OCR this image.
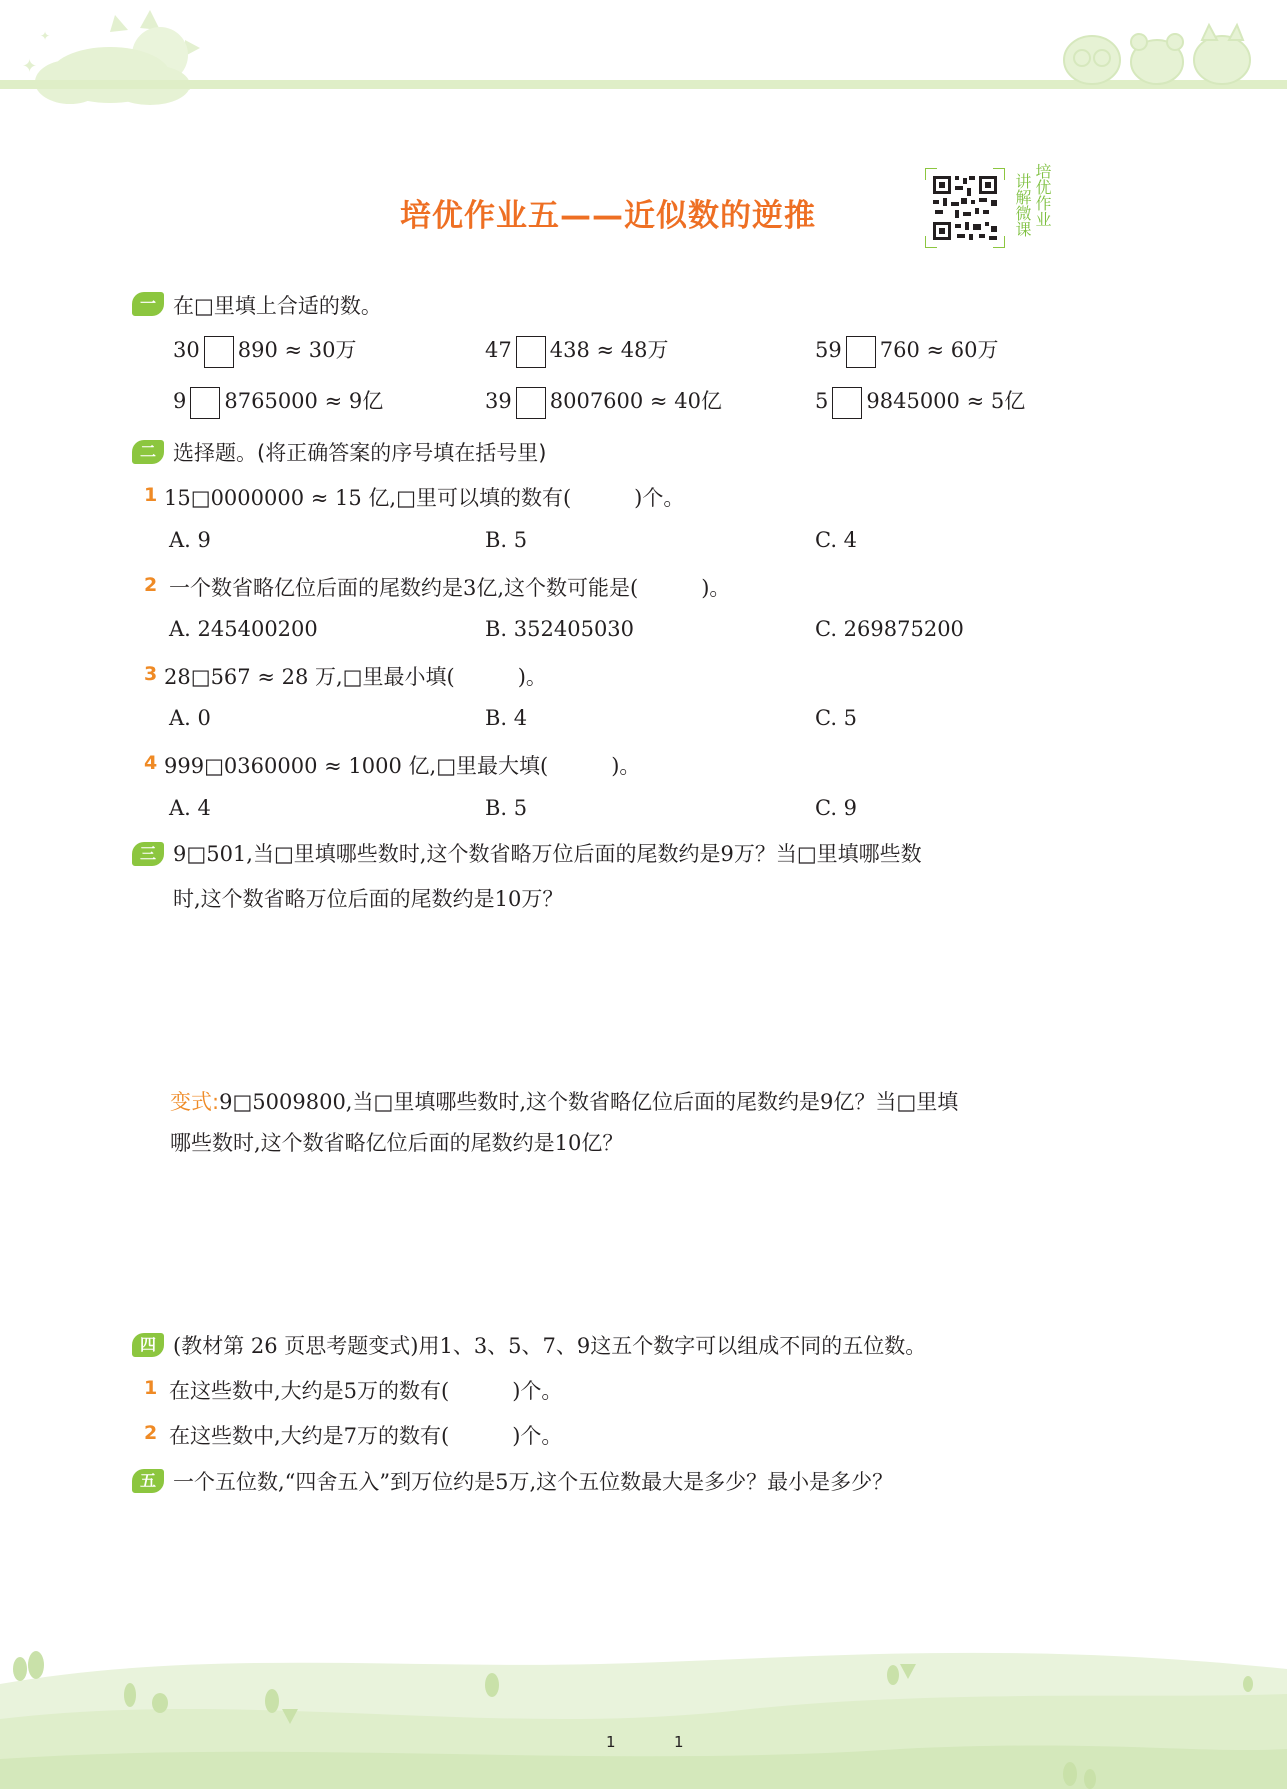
✦
✦
培优作业五——近似数的逆推	讲解微课 培优作业
一 在□里填上合适的数。
30 890 ≈ 30万	47 438 ≈ 48万	59 760 ≈ 60万
9 8765000 ≈ 9亿	39 8007600 ≈ 40亿	5 9845000 ≈ 5亿
二 选择题。(将正确答案的序号填在括号里)
1 15□0000000 ≈ 15 亿,□里可以填的数有(　　　)个。
A. 9	B. 5	C. 4
2 一个数省略亿位后面的尾数约是3亿,这个数可能是(　　　)。
A. 245400200	B. 352405030	C. 269875200
3 28□567 ≈ 28 万,□里最小填(　　　)。
A. 0	B. 4	C. 5
4 999□0360000 ≈ 1000 亿,□里最大填(　　　)。
A. 4	B. 5	C. 9
三 9□501,当□里填哪些数时,这个数省略万位后面的尾数约是9万？当□里填哪些数
时,这个数省略万位后面的尾数约是10万？
变式:9□5009800,当□里填哪些数时,这个数省略亿位后面的尾数约是9亿？当□里填
哪些数时,这个数省略亿位后面的尾数约是10亿？
四 (教材第 26 页思考题变式)用1、3、5、7、9这五个数字可以组成不同的五位数。
1 在这些数中,大约是5万的数有(　　　)个。
2 在这些数中,大约是7万的数有(　　　)个。
五 一个五位数,“四舍五入”到万位约是5万,这个五位数最大是多少？最小是多少？
1	1
